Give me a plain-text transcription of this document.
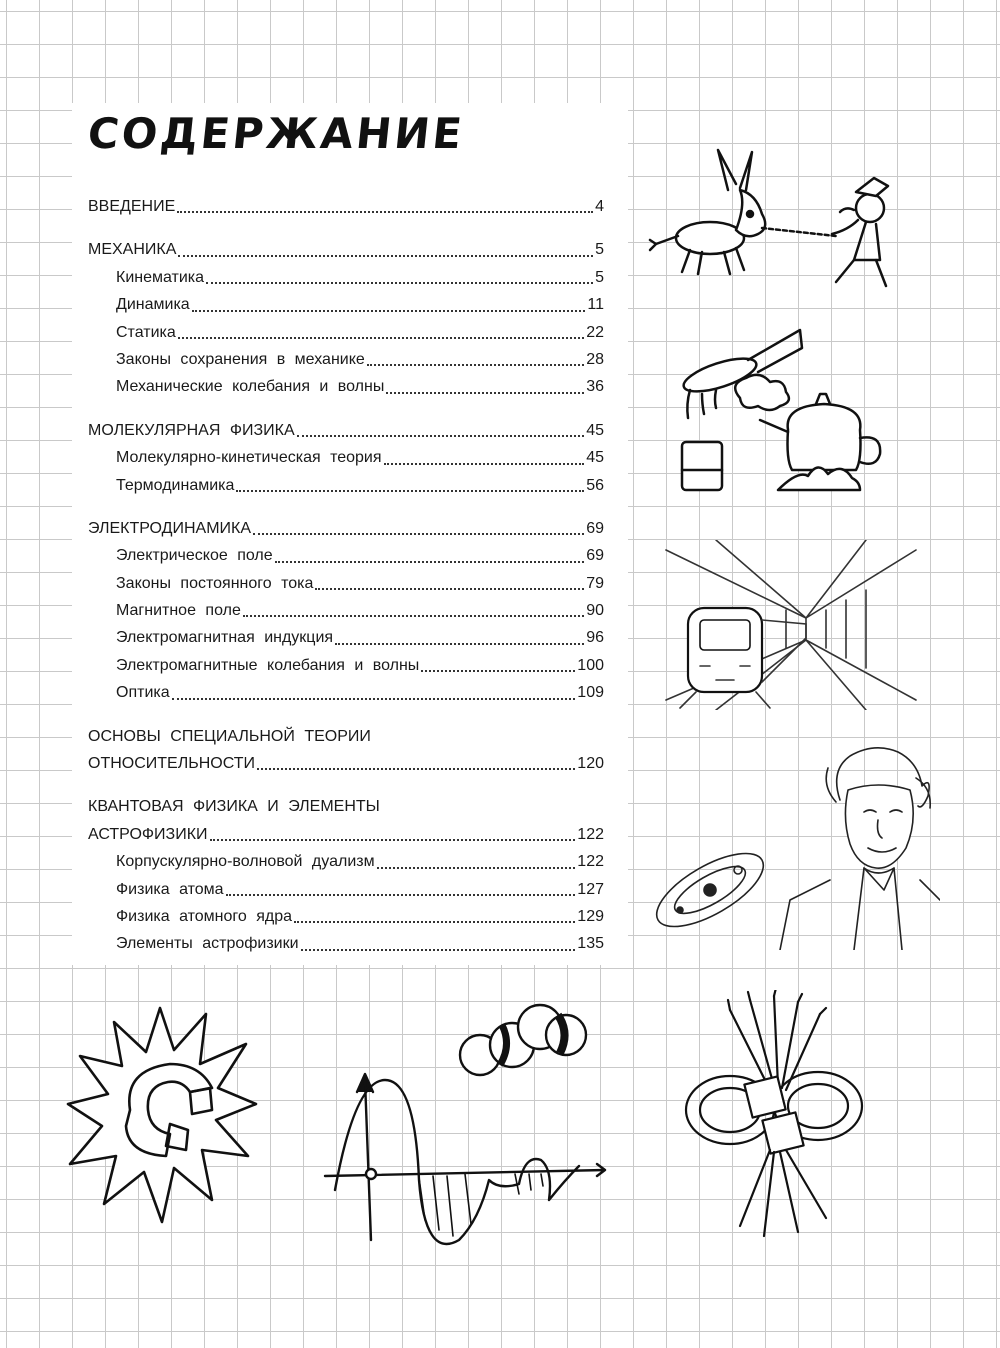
СОДЕРЖАНИЕ
ВВЕДЕНИЕ	4
МЕХАНИКА	5
Кинематика	5
Динамика	11
Статика	22
Законы сохранения в механике	28
Механические колебания и волны	36
МОЛЕКУЛЯРНАЯ ФИЗИКА	45
Молекулярно-кинетическая теория	45
Термодинамика	56
ЭЛЕКТРОДИНАМИКА	69
Электрическое поле	69
Законы постоянного тока	79
Магнитное поле	90
Электромагнитная индукция	96
Электромагнитные колебания и волны	100
Оптика	109
ОСНОВЫ СПЕЦИАЛЬНОЙ ТЕОРИИ
ОТНОСИТЕЛЬНОСТИ	120
КВАНТОВАЯ ФИЗИКА И ЭЛЕМЕНТЫ
АСТРОФИЗИКИ	122
Корпускулярно-волновой дуализм	122
Физика атома	127
Физика атомного ядра	129
Элементы астрофизики	135
